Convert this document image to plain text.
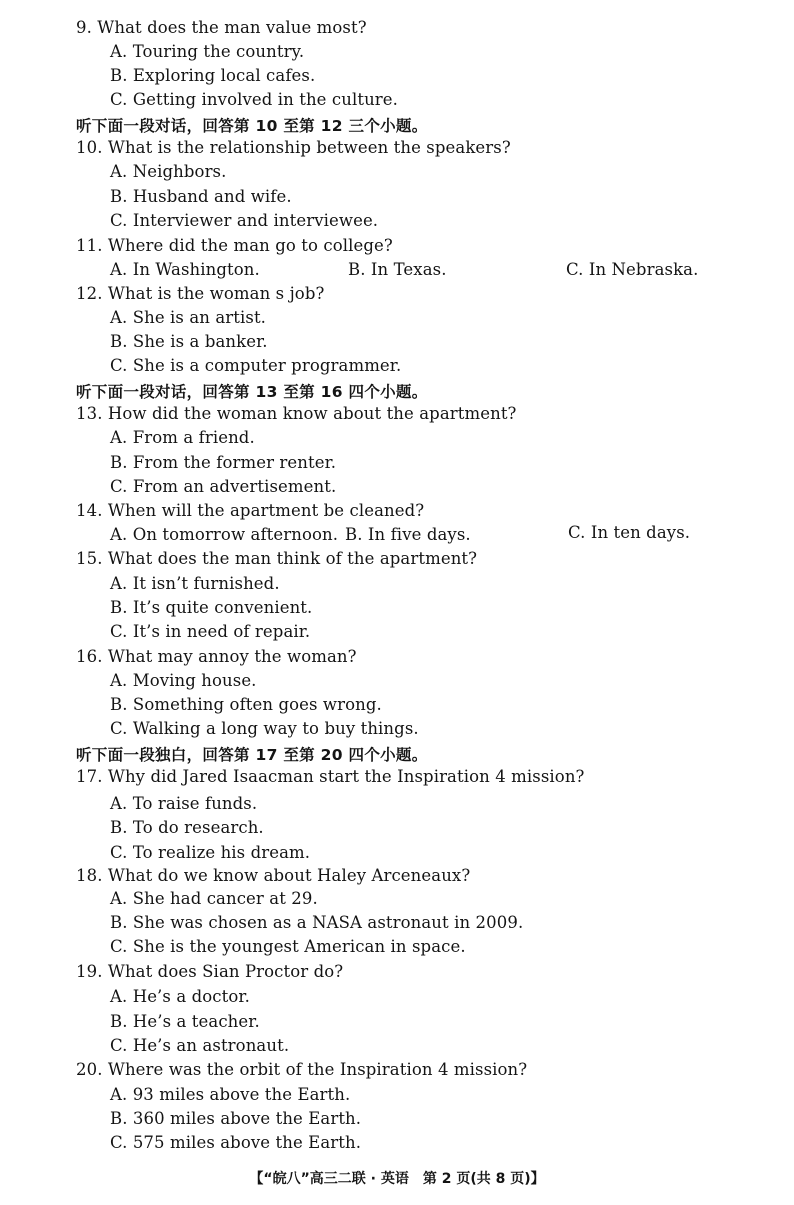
9. What does the man value most?
A. Touring the country.
B. Exploring local cafes.
C. Getting involved in the culture.
听下面一段对话，回答第 10 至第 12 三个小题。
10. What is the relationship between the speakers?
A. Neighbors.
B. Husband and wife.
C. Interviewer and interviewee.
11. Where did the man go to college?
A. In Washington.	B. In Texas.	C. In Nebraska.
12. What is the woman s job?
A. She is an artist.
B. She is a banker.
C. She is a computer programmer.
听下面一段对话，回答第 13 至第 16 四个小题。
13. How did the woman know about the apartment?
A. From a friend.
B. From the former renter.
C. From an advertisement.
14. When will the apartment be cleaned?
A. On tomorrow afternoon. B. In five days.	C. In ten days.
15. What does the man think of the apartment?
A. It isn’t furnished.
B. It’s quite convenient.
C. It’s in need of repair.
16. What may annoy the woman?
A. Moving house.
B. Something often goes wrong.
C. Walking a long way to buy things.
听下面一段独白，回答第 17 至第 20 四个小题。
17. Why did Jared Isaacman start the Inspiration 4 mission?
A. To raise funds.
B. To do research.
C. To realize his dream.
18. What do we know about Haley Arceneaux?
A. She had cancer at 29.
B. She was chosen as a NASA astronaut in 2009.
C. She is the youngest American in space.
19. What does Sian Proctor do?
A. He’s a doctor.
B. He’s a teacher.
C. He’s an astronaut.
20. Where was the orbit of the Inspiration 4 mission?
A. 93 miles above the Earth.
B. 360 miles above the Earth.
C. 575 miles above the Earth.
【“皖八”高三二联 · 英语　第 2 页(共 8 页)】
